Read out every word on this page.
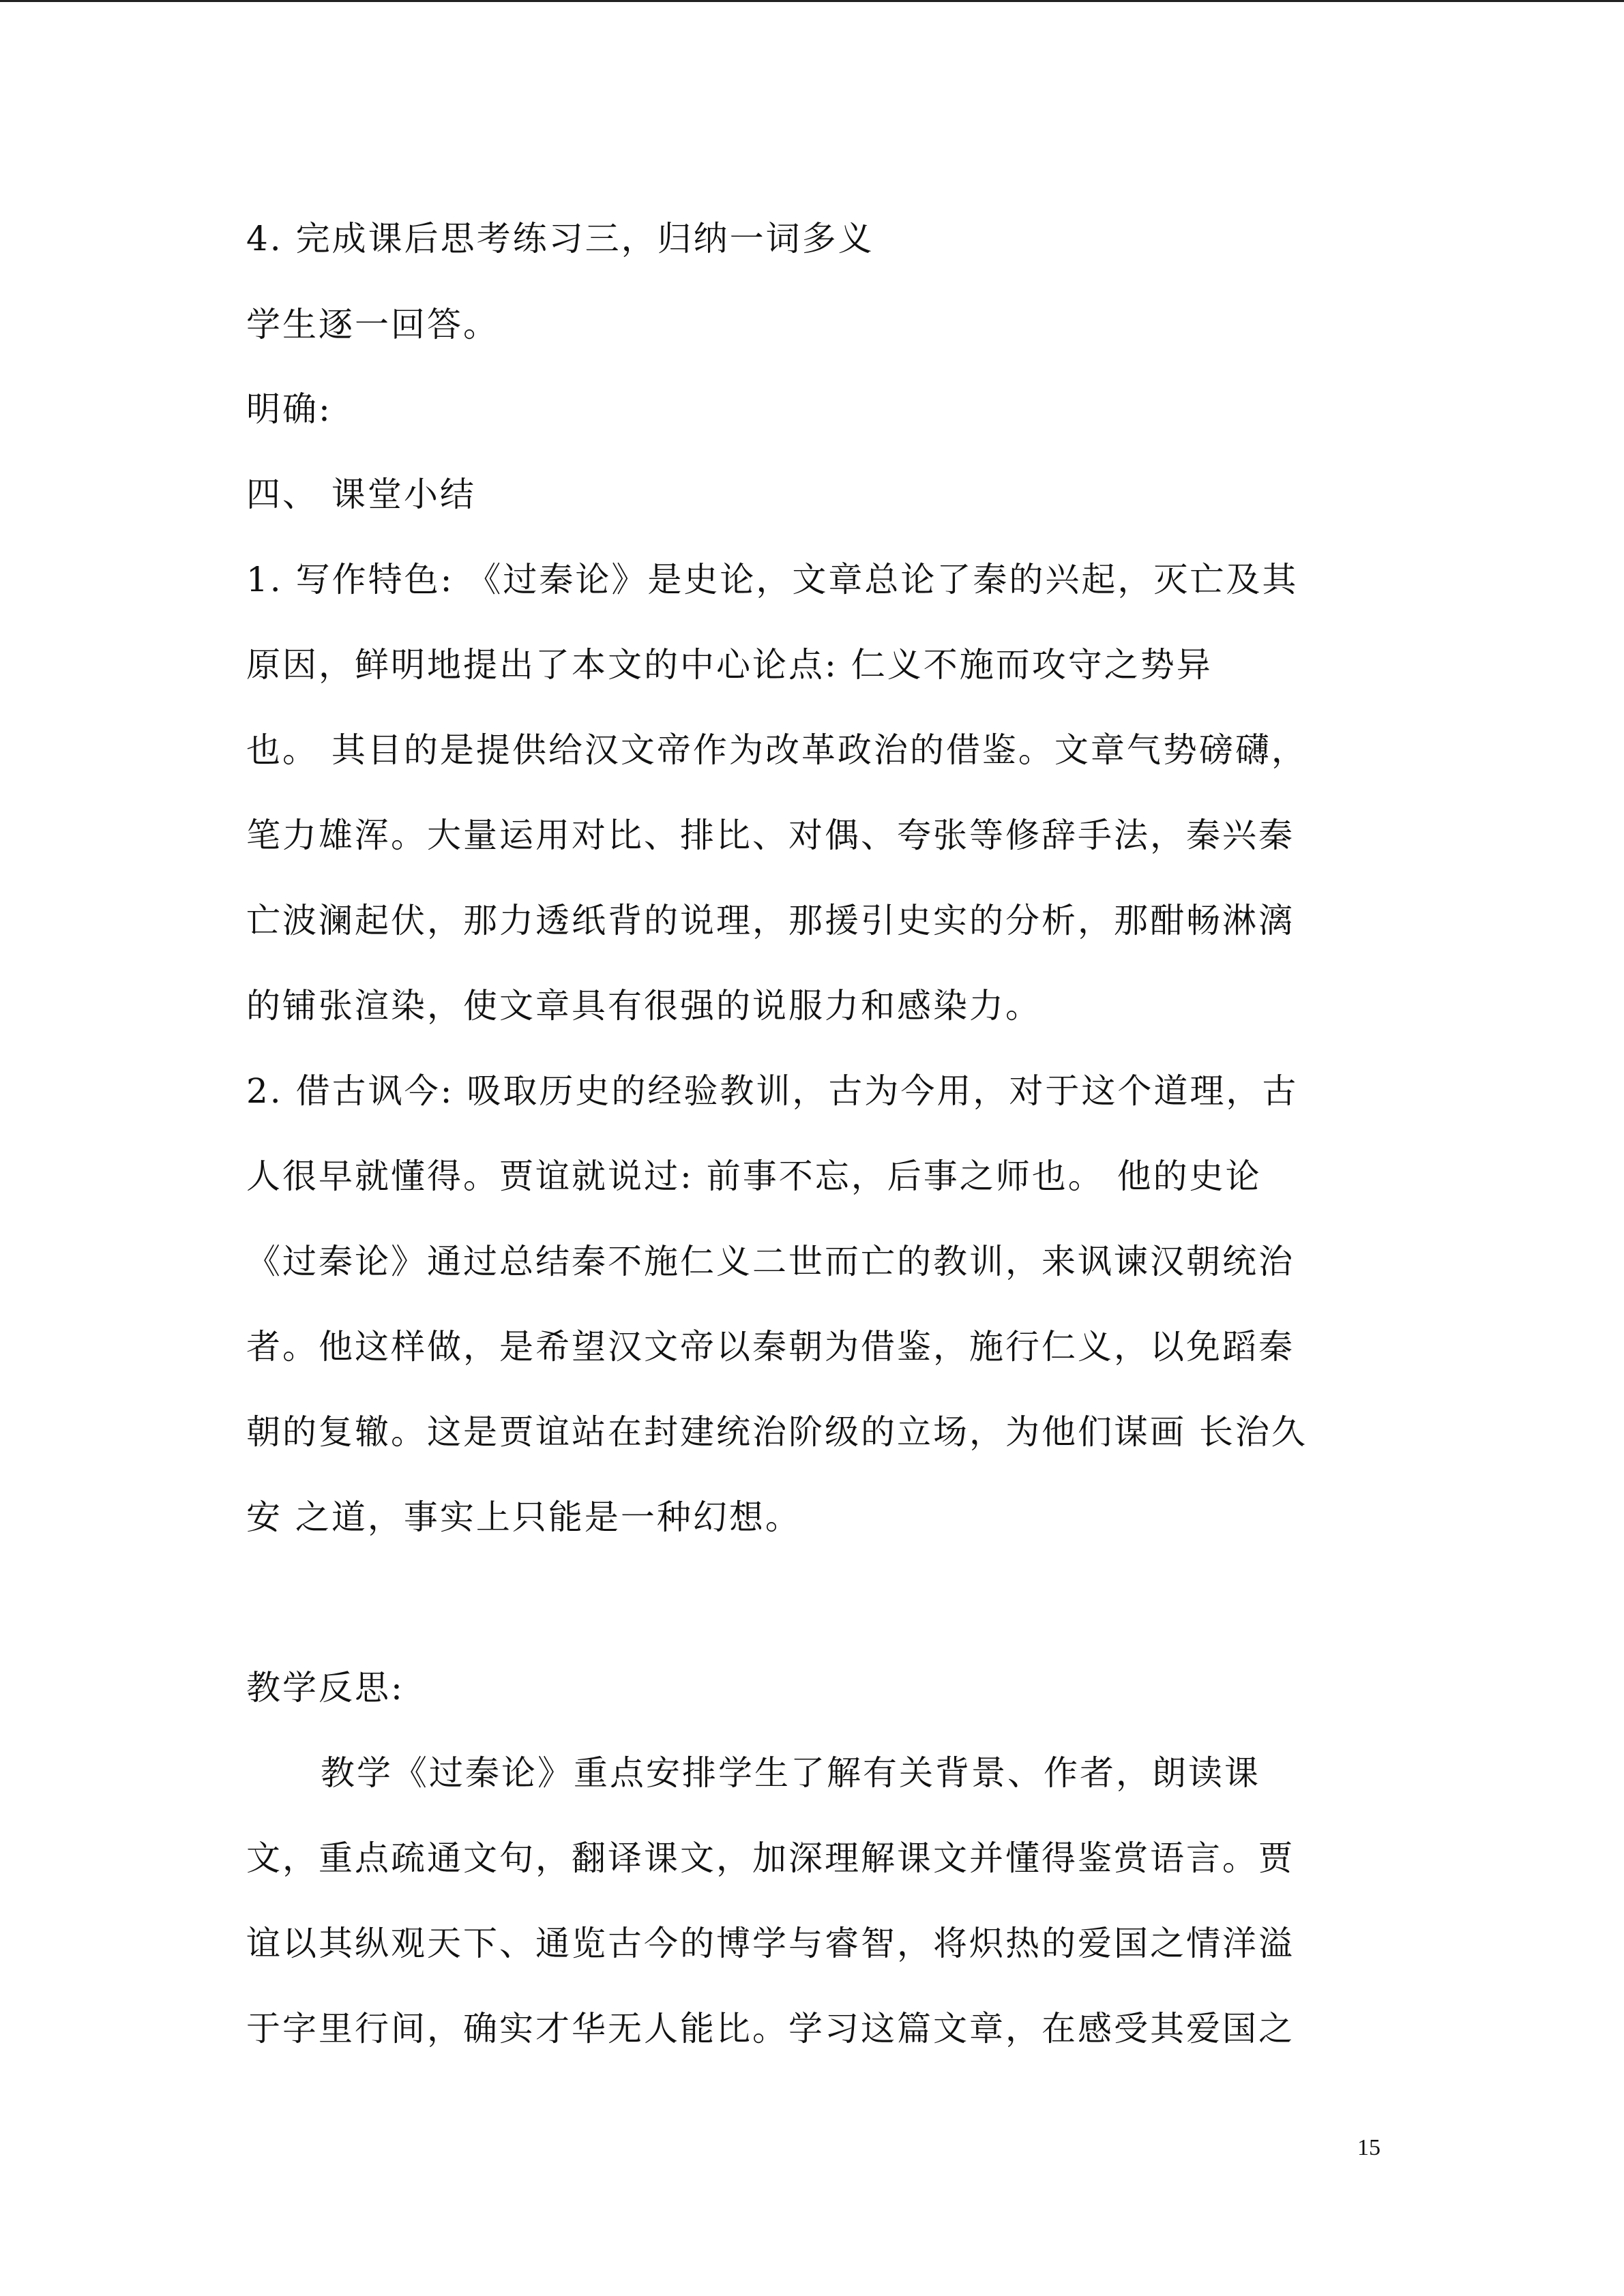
4. 完成课后思考练习三，归纳一词多义
学生逐一回答。
明确:
四、 课堂小结
1. 写作特色: 《过秦论》是史论，文章总论了秦的兴起，灭亡及其
原因，鲜明地提出了本文的中心论点: 仁义不施而攻守之势异
也。 其目的是提供给汉文帝作为改革政治的借鉴。文章气势磅礴，
笔力雄浑。大量运用对比、排比、对偶、夸张等修辞手法，秦兴秦
亡波澜起伏，那力透纸背的说理，那援引史实的分析，那酣畅淋漓
的铺张渲染，使文章具有很强的说服力和感染力。
2. 借古讽今: 吸取历史的经验教训，古为今用，对于这个道理，古
人很早就懂得。贾谊就说过: 前事不忘，后事之师也。 他的史论
《过秦论》通过总结秦不施仁义二世而亡的教训，来讽谏汉朝统治
者。他这样做，是希望汉文帝以秦朝为借鉴，施行仁义，以免蹈秦
朝的复辙。这是贾谊站在封建统治阶级的立场，为他们谋画 长治久
安 之道，事实上只能是一种幻想。
教学反思:
教学《过秦论》重点安排学生了解有关背景、作者，朗读课
文，重点疏通文句，翻译课文，加深理解课文并懂得鉴赏语言。贾
谊以其纵观天下、通览古今的博学与睿智，将炽热的爱国之情洋溢
于字里行间，确实才华无人能比。学习这篇文章，在感受其爱国之
15
